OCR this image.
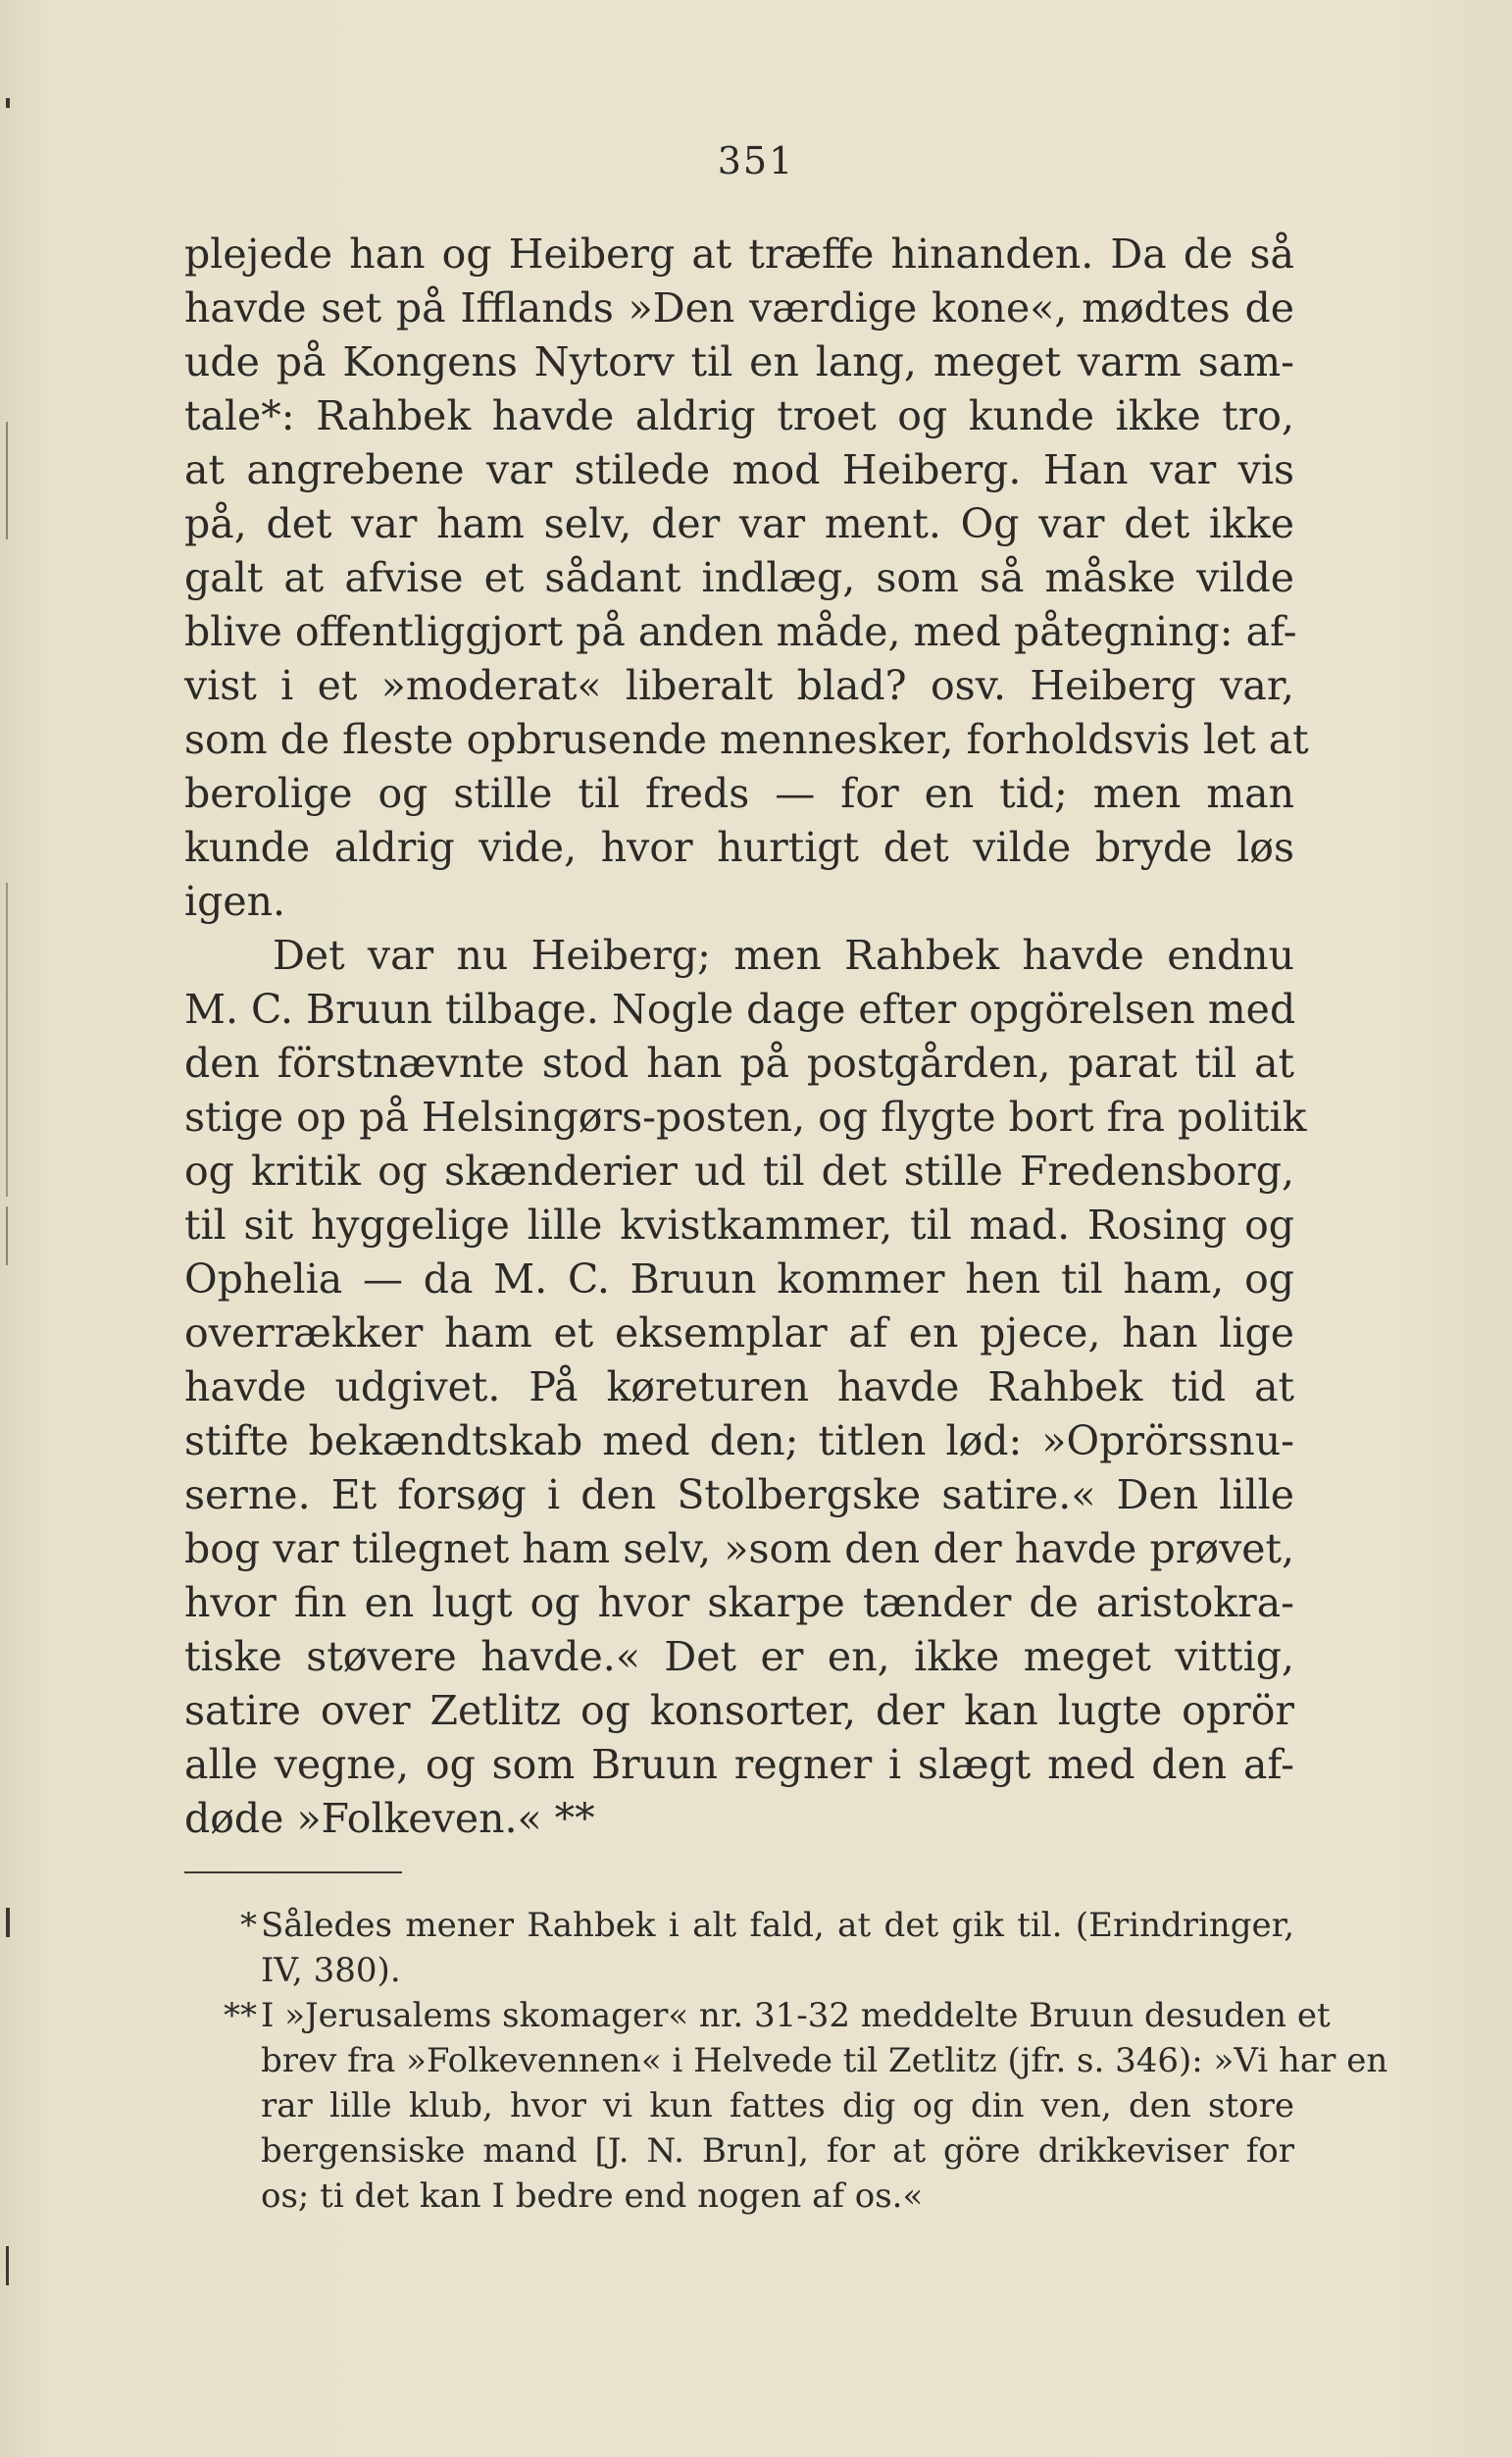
351
plejede han og Heiberg at træffe hinanden. Da de så
havde set på Ifflands »Den værdige kone«, mødtes de
ude på Kongens Nytorv til en lang, meget varm sam-
tale*: Rahbek havde aldrig troet og kunde ikke tro,
at angrebene var stilede mod Heiberg. Han var vis
på, det var ham selv, der var ment. Og var det ikke
galt at afvise et sådant indlæg, som så måske vilde
blive offentliggjort på anden måde, med påtegning: af-
vist i et »moderat« liberalt blad? osv. Heiberg var,
som de fleste opbrusende mennesker, forholdsvis let at
berolige og stille til freds — for en tid; men man
kunde aldrig vide, hvor hurtigt det vilde bryde løs
igen.
Det var nu Heiberg; men Rahbek havde endnu
M. C. Bruun tilbage. Nogle dage efter opgörelsen med
den förstnævnte stod han på postgården, parat til at
stige op på Helsingørs-posten, og flygte bort fra politik
og kritik og skænderier ud til det stille Fredensborg,
til sit hyggelige lille kvistkammer, til mad. Rosing og
Ophelia — da M. C. Bruun kommer hen til ham, og
overrækker ham et eksemplar af en pjece, han lige
havde udgivet. På køreturen havde Rahbek tid at
stifte bekændtskab med den; titlen lød: »Oprörssnu-
serne. Et forsøg i den Stolbergske satire.« Den lille
bog var tilegnet ham selv, »som den der havde prøvet,
hvor fin en lugt og hvor skarpe tænder de aristokra-
tiske støvere havde.« Det er en, ikke meget vittig,
satire over Zetlitz og konsorter, der kan lugte oprör
alle vegne, og som Bruun regner i slægt med den af-
døde »Folkeven.« **
* Således mener Rahbek i alt fald, at det gik til. (Erindringer,
IV, 380).
** I »Jerusalems skomager« nr. 31-32 meddelte Bruun desuden et
brev fra »Folkevennen« i Helvede til Zetlitz (jfr. s. 346): »Vi har en
rar lille klub, hvor vi kun fattes dig og din ven, den store
bergensiske mand [J. N. Brun], for at göre drikkeviser for
os; ti det kan I bedre end nogen af os.«
